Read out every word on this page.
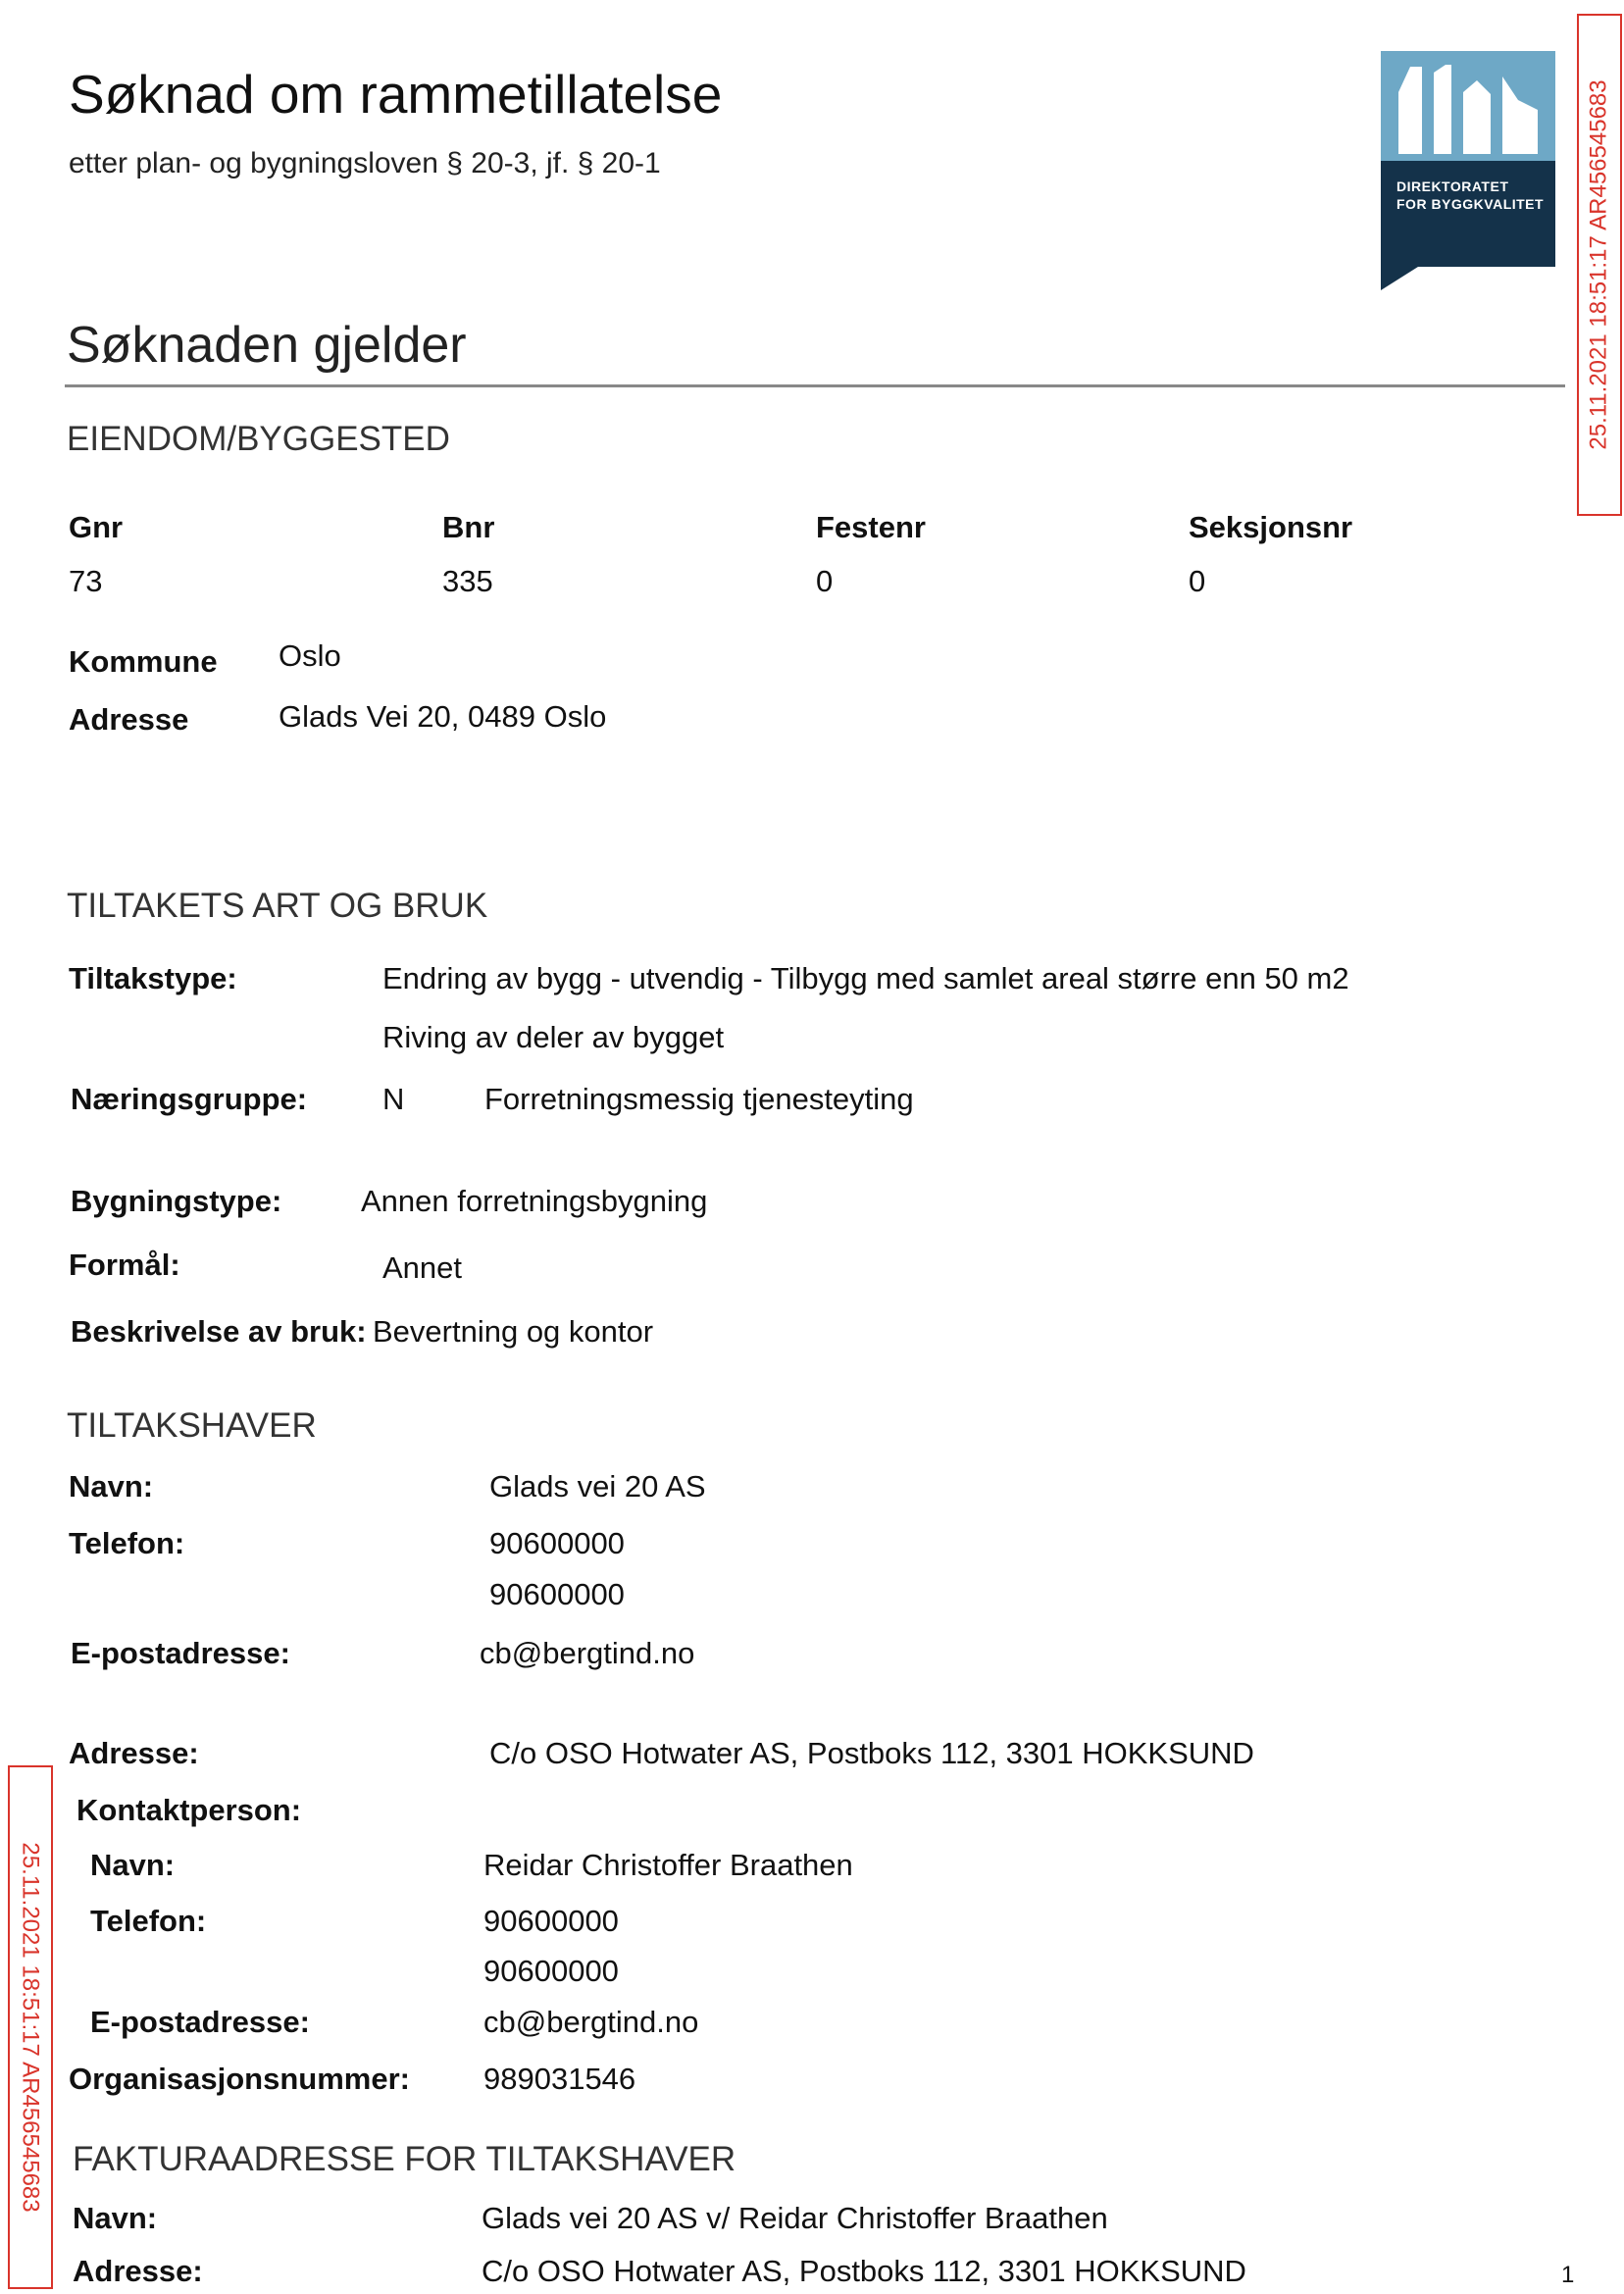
Søknad om rammetillatelse
etter plan- og bygningsloven § 20-3, jf. § 20-1
DIREKTORATET
FOR BYGGKVALITET 25.11.2021 18:51:17 AR456545683
25.11.2021 18:51:17 AR456545683
Søknaden gjelder
EIENDOM/BYGGESTED
Gnr	Bnr	Festenr	Seksjonsnr
73	335	0	0
Kommune Oslo
Adresse	Glads Vei 20, 0489 Oslo
TILTAKETS ART OG BRUK
Tiltakstype:	Endring av bygg - utvendig - Tilbygg med samlet areal større enn 50 m2
Riving av deler av bygget
Næringsgruppe: N	Forretningsmessig tjenesteyting
Bygningstype:	Annen forretningsbygning
Formål:	Annet
Beskrivelse av bruk: Bevertning og kontor
TILTAKSHAVER
Navn:	Glads vei 20 AS
Telefon:	90600000
90600000
E-postadresse:	cb@bergtind.no
Adresse:	C/o OSO Hotwater AS, Postboks 112, 3301 HOKKSUND
Kontaktperson:
Navn:	Reidar Christoffer Braathen
Telefon:	90600000
90600000
E-postadresse:	cb@bergtind.no
Organisasjonsnummer: 989031546
FAKTURAADRESSE FOR TILTAKSHAVER
Navn:	Glads vei 20 AS v/ Reidar Christoffer Braathen
Adresse:	C/o OSO Hotwater AS, Postboks 112, 3301 HOKKSUND	1
